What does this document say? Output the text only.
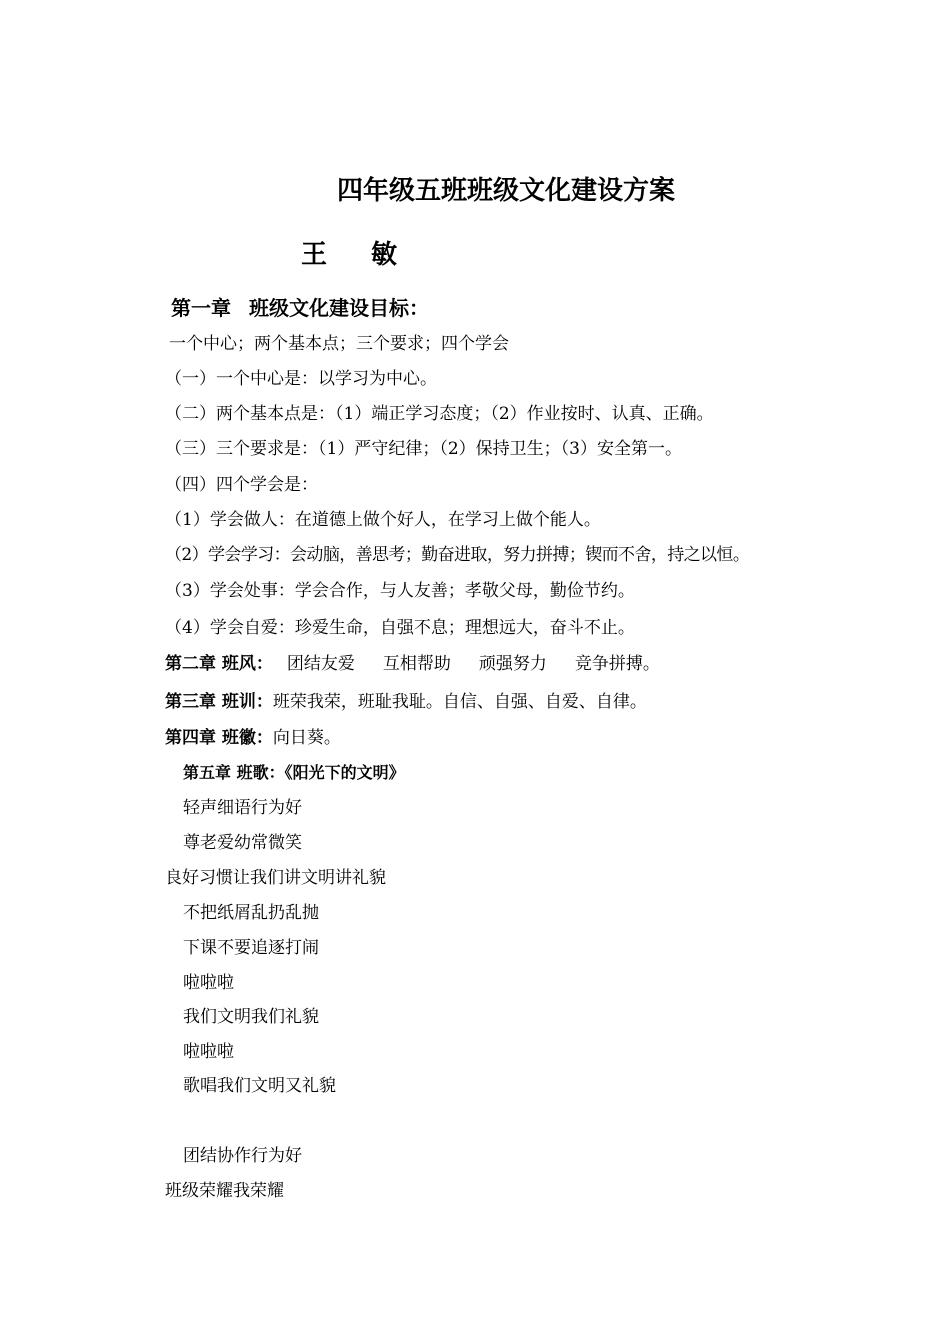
四年级五班班级文化建设方案
王 敏
第一章 班级文化建设目标：
一个中心；两个基本点；三个要求；四个学会
（一）一个中心是：以学习为中心。
（二）两个基本点是：（1）端正学习态度；（2）作业按时、认真、正确。
（三）三个要求是：（1）严守纪律；（2）保持卫生；（3）安全第一。
（四）四个学会是：
（1）学会做人：在道德上做个好人，在学习上做个能人。
（2）学会学习：会动脑，善思考；勤奋进取，努力拼搏；锲而不舍，持之以恒。
（3）学会处事：学会合作，与人友善；孝敬父母，勤俭节约。
（4）学会自爱：珍爱生命，自强不息；理想远大，奋斗不止。
第二章 班风： 团结友爱 互相帮助 顽强努力 竞争拼搏。
第三章 班训：班荣我荣，班耻我耻。自信、自强、自爱、自律。
第四章 班徽：向日葵。
第五章 班歌：《阳光下的文明》
轻声细语行为好
尊老爱幼常微笑
良好习惯让我们讲文明讲礼貌
不把纸屑乱扔乱抛
下课不要追逐打闹
啦啦啦
我们文明我们礼貌
啦啦啦
歌唱我们文明又礼貌
团结协作行为好
班级荣耀我荣耀
